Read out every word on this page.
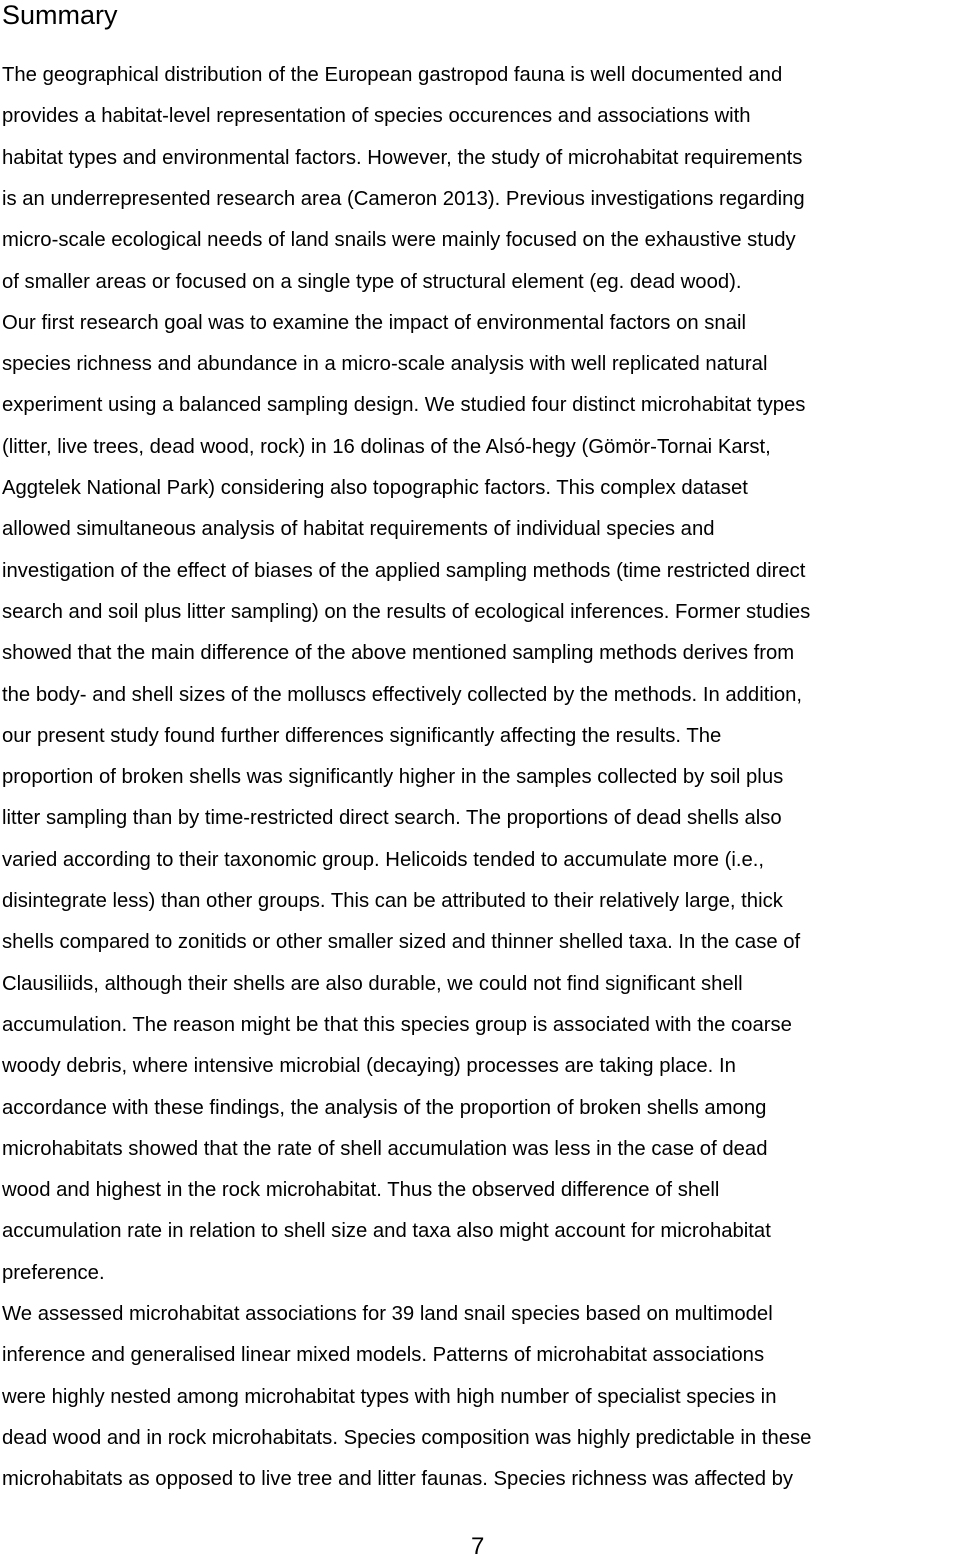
Summary
The geographical distribution of the European gastropod fauna is well documented and
provides a habitat-level representation of species occurences and associations with
habitat types and environmental factors. However, the study of microhabitat requirements
is an underrepresented research area (Cameron 2013). Previous investigations regarding
micro-scale ecological needs of land snails were mainly focused on the exhaustive study
of smaller areas or focused on a single type of structural element (eg. dead wood).
Our first research goal was to examine the impact of environmental factors on snail
species richness and abundance in a micro-scale analysis with well replicated natural
experiment using a balanced sampling design. We studied four distinct microhabitat types
(litter, live trees, dead wood, rock) in 16 dolinas of the Alsó-hegy (Gömör-Tornai Karst,
Aggtelek National Park) considering also topographic factors. This complex dataset
allowed simultaneous analysis of habitat requirements of individual species and
investigation of the effect of biases of the applied sampling methods (time restricted direct
search and soil plus litter sampling) on the results of ecological inferences. Former studies
showed that the main difference of the above mentioned sampling methods derives from
the body- and shell sizes of the molluscs effectively collected by the methods. In addition,
our present study found further differences significantly affecting the results. The
proportion of broken shells was significantly higher in the samples collected by soil plus
litter sampling than by time-restricted direct search. The proportions of dead shells also
varied according to their taxonomic group. Helicoids tended to accumulate more (i.e.,
disintegrate less) than other groups. This can be attributed to their relatively large, thick
shells compared to zonitids or other smaller sized and thinner shelled taxa. In the case of
Clausiliids, although their shells are also durable, we could not find significant shell
accumulation. The reason might be that this species group is associated with the coarse
woody debris, where intensive microbial (decaying) processes are taking place. In
accordance with these findings, the analysis of the proportion of broken shells among
microhabitats showed that the rate of shell accumulation was less in the case of dead
wood and highest in the rock microhabitat. Thus the observed difference of shell
accumulation rate in relation to shell size and taxa also might account for microhabitat
preference.
We assessed microhabitat associations for 39 land snail species based on multimodel
inference and generalised linear mixed models. Patterns of microhabitat associations
were highly nested among microhabitat types with high number of specialist species in
dead wood and in rock microhabitats. Species composition was highly predictable in these
microhabitats as opposed to live tree and litter faunas. Species richness was affected by
7
